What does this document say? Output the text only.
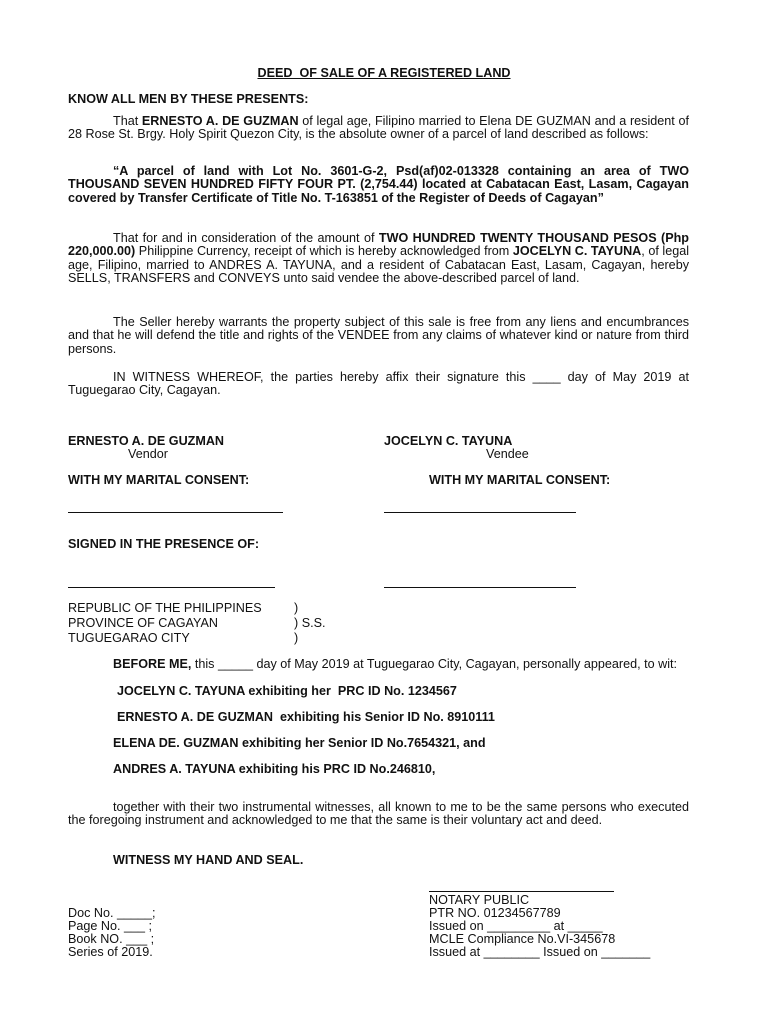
DEED  OF SALE OF A REGISTERED LAND
KNOW ALL MEN BY THESE PRESENTS:
That ERNESTO A. DE GUZMAN of legal age, Filipino married to Elena DE GUZMAN and a resident of 28 Rose St. Brgy. Holy Spirit Quezon City, is the absolute owner of a parcel of land described as follows:
“A parcel of land with Lot No. 3601-G-2, Psd(af)02-013328 containing an area of TWO THOUSAND SEVEN HUNDRED FIFTY FOUR PT. (2,754.44) located at Cabatacan East, Lasam, Cagayan covered by Transfer Certificate of Title No. T-163851 of the Register of Deeds of Cagayan”
That for and in consideration of the amount of TWO HUNDRED TWENTY THOUSAND PESOS (Php 220,000.00) Philippine Currency, receipt of which is hereby acknowledged from JOCELYN C. TAYUNA, of legal age, Filipino, married to ANDRES A. TAYUNA, and a resident of Cabatacan East, Lasam, Cagayan, hereby SELLS, TRANSFERS and CONVEYS unto said vendee the above-described parcel of land.
The Seller hereby warrants the property subject of this sale is free from any liens and encumbrances and that he will defend the title and rights of the VENDEE from any claims of whatever kind or nature from third persons.
IN WITNESS WHEREOF, the parties hereby affix their signature this ____ day of May 2019 at Tuguegarao City, Cagayan.
ERNESTO A. DE GUZMAN
Vendor
JOCELYN C. TAYUNA
Vendee
WITH MY MARITAL CONSENT:	WITH MY MARITAL CONSENT:
SIGNED IN THE PRESENCE OF:
REPUBLIC OF THE PHILIPPINES
PROVINCE OF CAGAYAN
TUGUEGARAO CITY
)
) S.S.
)
BEFORE ME, this _____ day of May 2019 at Tuguegarao City, Cagayan, personally appeared, to wit:
JOCELYN C. TAYUNA exhibiting her  PRC ID No. 1234567
ERNESTO A. DE GUZMAN  exhibiting his Senior ID No. 8910111
ELENA DE. GUZMAN exhibiting her Senior ID No.7654321, and
ANDRES A. TAYUNA exhibiting his PRC ID No.246810,
together with their two instrumental witnesses, all known to me to be the same persons who executed the foregoing instrument and acknowledged to me that the same is their voluntary act and deed.
WITNESS MY HAND AND SEAL.
NOTARY PUBLIC
PTR NO. 01234567789
Issued on _________ at _____
MCLE Compliance No.VI-345678
Issued at ________ Issued on _______
Doc No. _____;
Page No. ___ ;
Book NO. ___ ;
Series of 2019.
